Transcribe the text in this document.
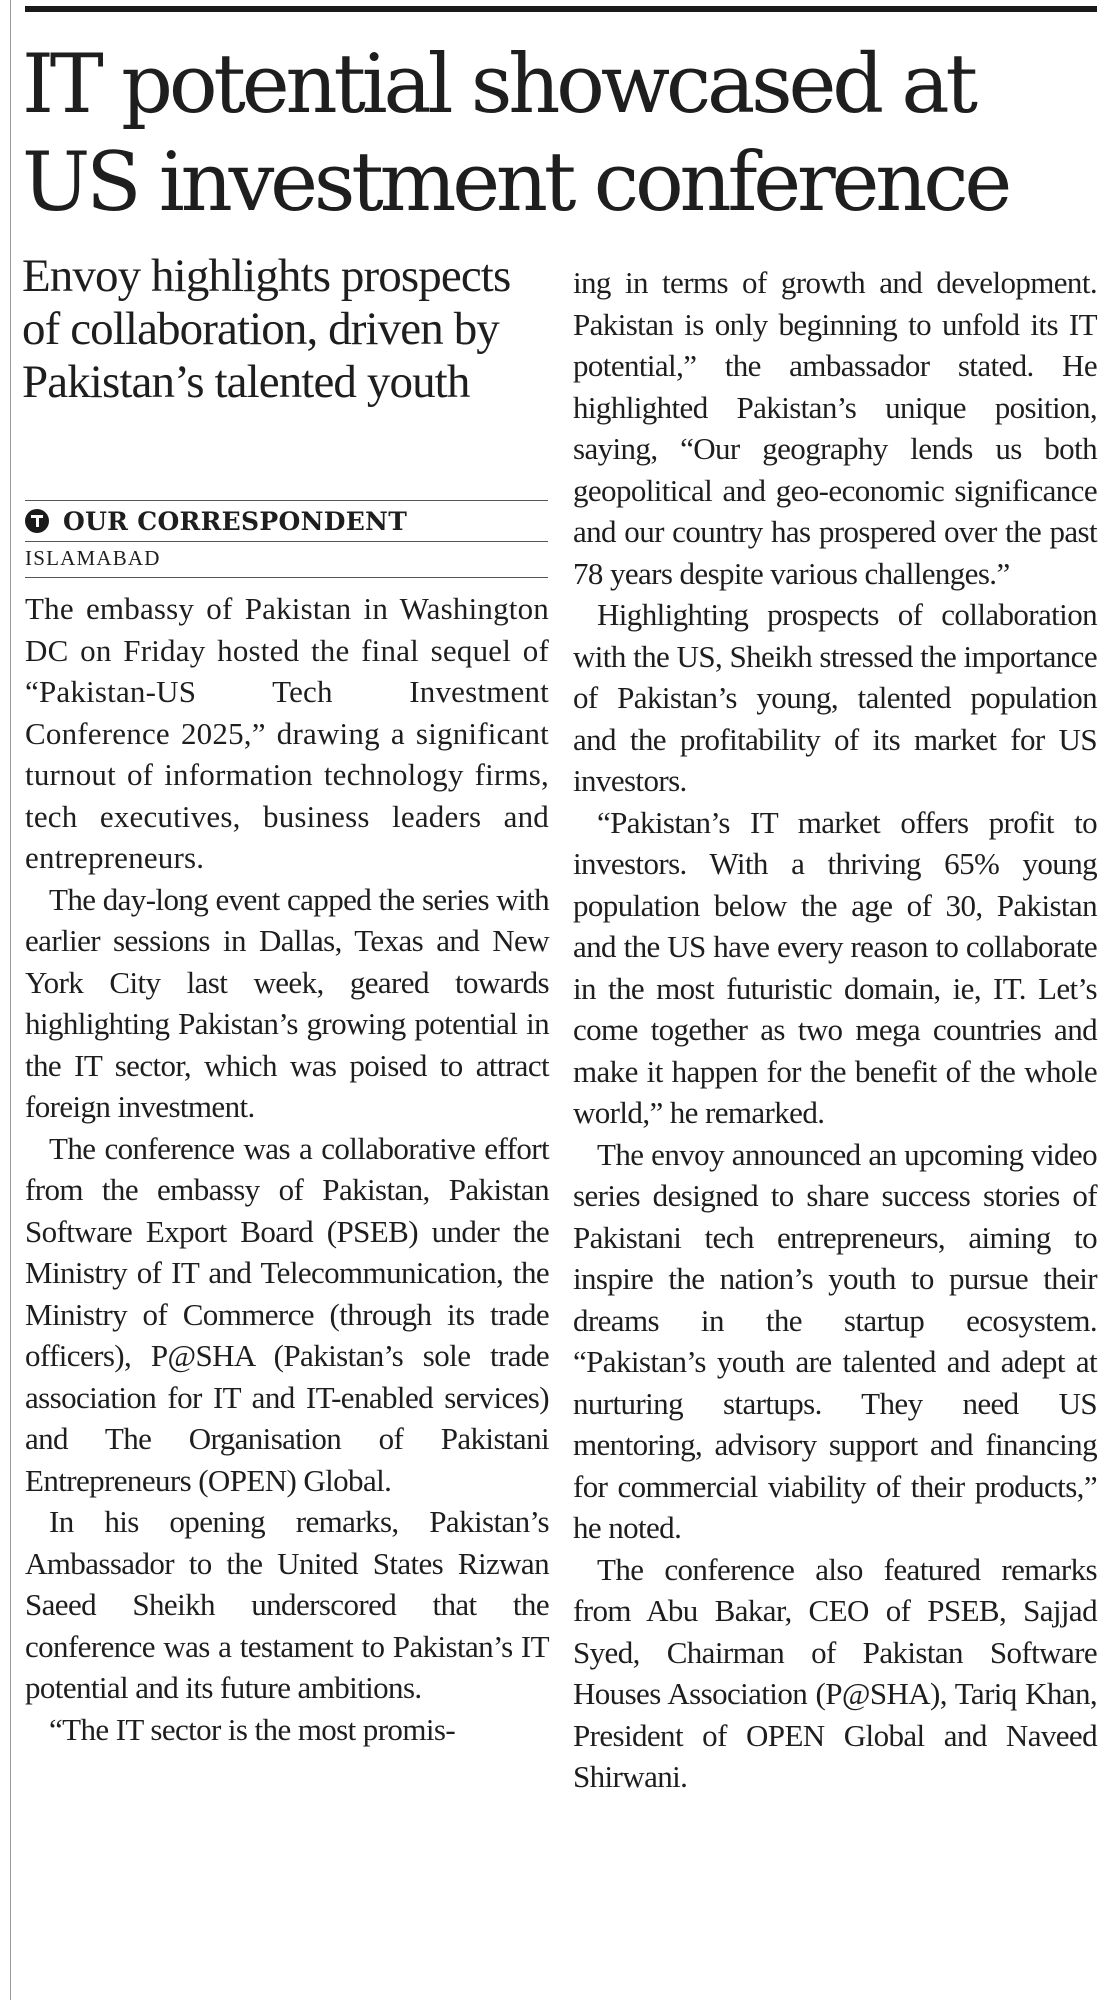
IT potential showcased at US investment conference
Envoy highlights prospects of collaboration, driven by Pakistan’s talented youth
OUR CORRESPONDENT
ISLAMABAD

The embassy of Pakistan in Washington DC on Friday hosted the final sequel of “Pakistan-US Tech Investment Conference 2025,” drawing a significant turnout of information technology firms, tech executives, business leaders and entrepreneurs.

The day-long event capped the series with earlier sessions in Dallas, Texas and New York City last week, geared towards highlighting Pakistan’s growing potential in the IT sector, which was poised to attract foreign investment.

The conference was a collaborative effort from the embassy of Pakistan, Pakistan Software Export Board (PSEB) under the Ministry of IT and Telecommunication, the Ministry of Commerce (through its trade officers), P@SHA (Pakistan’s sole trade association for IT and IT-enabled services) and The Organisation of Pakistani Entrepreneurs (OPEN) Global.

In his opening remarks, Pakistan’s Ambassador to the United States Rizwan Saeed Sheikh underscored that the conference was a testament to Pakistan’s IT potential and its future ambitions.

“The IT sector is the most promis-

ing in terms of growth and development. Pakistan is only beginning to unfold its IT potential,” the ambassador stated. He highlighted Pakistan’s unique position, saying, “Our geography lends us both geopolitical and geo-economic significance and our country has prospered over the past 78 years despite various challenges.”

Highlighting prospects of collaboration with the US, Sheikh stressed the importance of Pakistan’s young, talented population and the profitability of its market for US investors.

“Pakistan’s IT market offers profit to investors. With a thriving 65% young population below the age of 30, Pakistan and the US have every reason to collaborate in the most futuristic domain, ie, IT. Let’s come together as two mega countries and make it happen for the benefit of the whole world,” he remarked.

The envoy announced an upcoming video series designed to share success stories of Pakistani tech entrepreneurs, aiming to inspire the nation’s youth to pursue their dreams in the startup ecosystem. “Pakistan’s youth are talented and adept at nurturing startups. They need US mentoring, advisory support and financing for commercial viability of their products,” he noted.

The conference also featured remarks from Abu Bakar, CEO of PSEB, Sajjad Syed, Chairman of Pakistan Software Houses Association (P@SHA), Tariq Khan, President of OPEN Global and Naveed Shirwani.
